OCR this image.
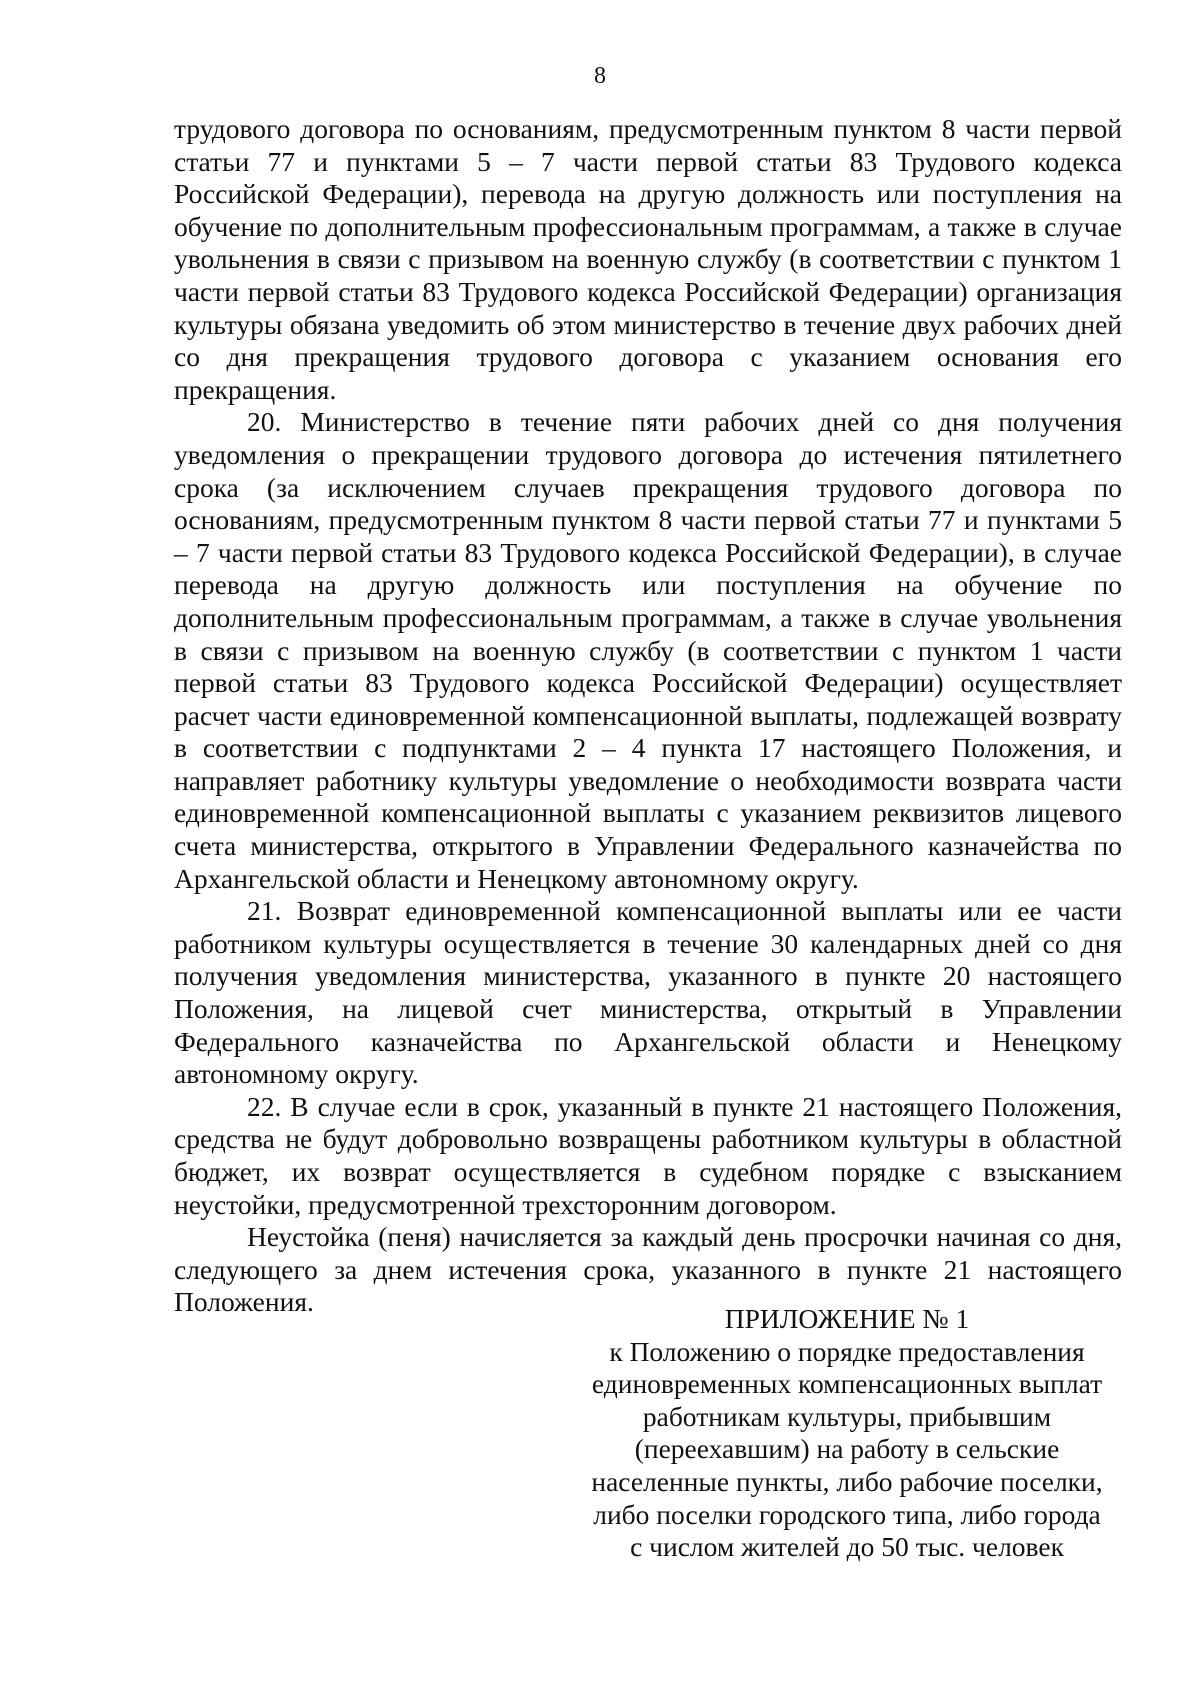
8

трудового договора по основаниям, предусмотренным пунктом 8 части первой статьи 77 и пунктами 5 – 7 части первой статьи 83 Трудового кодекса Российской Федерации), перевода на другую должность или поступления на обучение по дополнительным профессиональным программам, а также в случае увольнения в связи с призывом на военную службу (в соответствии с пунктом 1 части первой статьи 83 Трудового кодекса Российской Федерации) организация культуры обязана уведомить об этом министерство в течение двух рабочих дней со дня прекращения трудового договора с указанием основания его прекращения.

20. Министерство в течение пяти рабочих дней со дня получения уведомления о прекращении трудового договора до истечения пятилетнего срока (за исключением случаев прекращения трудового договора по основаниям, предусмотренным пунктом 8 части первой статьи 77 и пунктами 5 – 7 части первой статьи 83 Трудового кодекса Российской Федерации), в случае перевода на другую должность или поступления на обучение по дополнительным профессиональным программам, а также в случае увольнения в связи с призывом на военную службу (в соответствии с пунктом 1 части первой статьи 83 Трудового кодекса Российской Федерации) осуществляет расчет части единовременной компенсационной выплаты, подлежащей возврату в соответствии с подпунктами 2 – 4 пункта 17 настоящего Положения, и направляет работнику культуры уведомление о необходимости возврата части единовременной компенсационной выплаты с указанием реквизитов лицевого счета министерства, открытого в Управлении Федерального казначейства по Архангельской области и Ненецкому автономному округу.

21. Возврат единовременной компенсационной выплаты или ее части работником культуры осуществляется в течение 30 календарных дней со дня получения уведомления министерства, указанного в пункте 20 настоящего Положения, на лицевой счет министерства, открытый в Управлении Федерального казначейства по Архангельской области и Ненецкому автономному округу.

22. В случае если в срок, указанный в пункте 21 настоящего Положения, средства не будут добровольно возвращены работником культуры в областной бюджет, их возврат осуществляется в судебном порядке с взысканием неустойки, предусмотренной трехсторонним договором.

Неустойка (пеня) начисляется за каждый день просрочки начиная со дня, следующего за днем истечения срока, указанного в пункте 21 настоящего Положения.

ПРИЛОЖЕНИЕ № 1

к Положению о порядке предоставления
единовременных компенсационных выплат
работникам культуры, прибывшим
(переехавшим) на работу в сельские
населенные пункты, либо рабочие поселки,
либо поселки городского типа, либо города
с числом жителей до 50 тыс. человек
